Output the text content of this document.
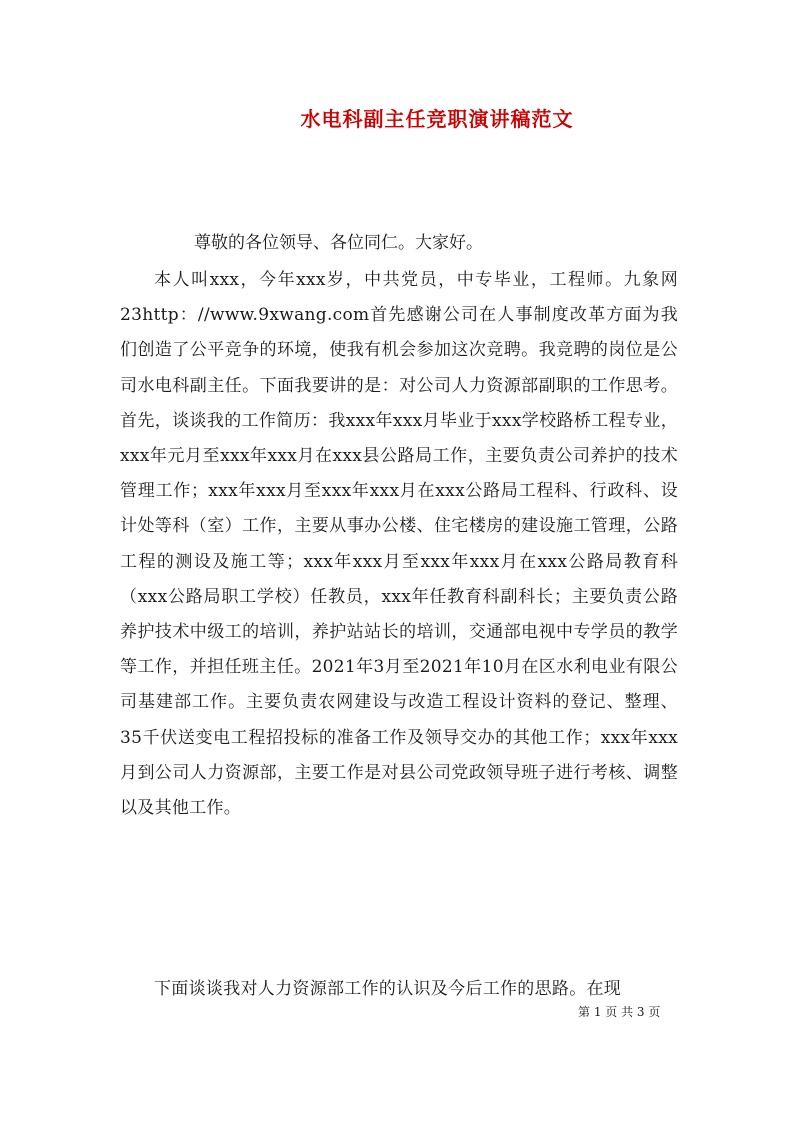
水电科副主任竞职演讲稿范文

尊敬的各位领导、各位同仁。大家好。

本人叫xxx，今年xxx岁，中共党员，中专毕业，工程师。九象网23http：//www.9xwang.com首先感谢公司在人事制度改革方面为我们创造了公平竞争的环境，使我有机会参加这次竞聘。我竞聘的岗位是公司水电科副主任。下面我要讲的是：对公司人力资源部副职的工作思考。首先，谈谈我的工作简历：我xxx年xxx月毕业于xxx学校路桥工程专业，xxx年元月至xxx年xxx月在xxx县公路局工作，主要负责公司养护的技术管理工作；xxx年xxx月至xxx年xxx月在xxx公路局工程科、行政科、设计处等科（室）工作，主要从事办公楼、住宅楼房的建设施工管理，公路工程的测设及施工等；xxx年xxx月至xxx年xxx月在xxx公路局教育科（xxx公路局职工学校）任教员，xxx年任教育科副科长；主要负责公路养护技术中级工的培训，养护站站长的培训，交通部电视中专学员的教学等工作，并担任班主任。2021年3月至2021年10月在区水利电业有限公司基建部工作。主要负责农网建设与改造工程设计资料的登记、整理、35千伏送变电工程招投标的准备工作及领导交办的其他工作；xxx年xxx月到公司人力资源部，主要工作是对县公司党政领导班子进行考核、调整以及其他工作。

下面谈谈我对人力资源部工作的认识及今后工作的思路。在现

第 1 页 共 3 页
